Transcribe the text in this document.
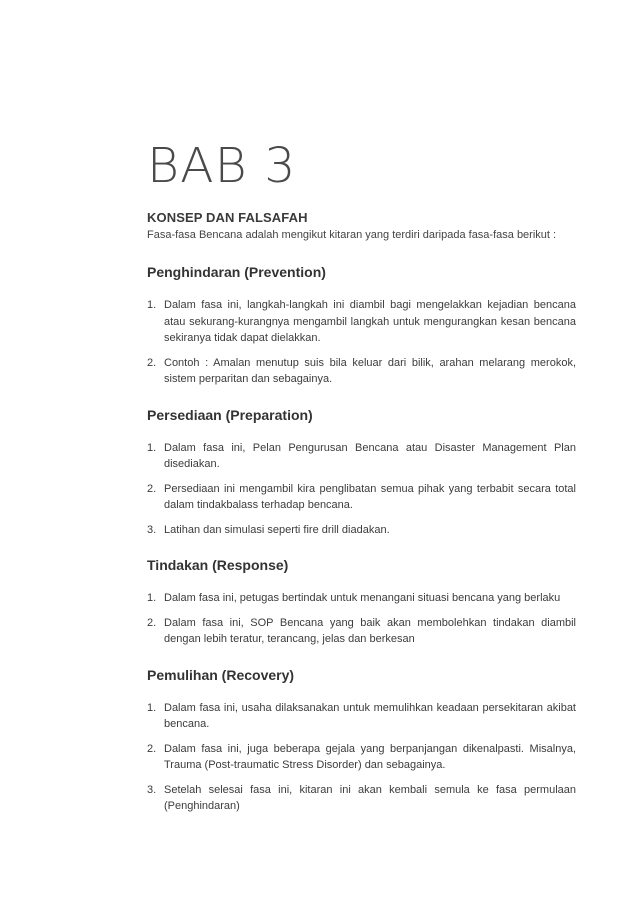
BAB 3
KONSEP DAN FALSAFAH

Fasa-fasa Bencana adalah mengikut kitaran yang terdiri daripada fasa-fasa berikut :

Penghindaran (Prevention)
1. Dalam fasa ini, langkah-langkah ini diambil bagi mengelakkan kejadian bencana atau sekurang-kurangnya mengambil langkah untuk mengurangkan kesan bencana sekiranya tidak dapat dielakkan.
2. Contoh : Amalan menutup suis bila keluar dari bilik, arahan melarang merokok, sistem perparitan dan sebagainya.
Persediaan (Preparation)
1. Dalam fasa ini, Pelan Pengurusan Bencana atau Disaster Management Plan disediakan.
2. Persediaan ini mengambil kira penglibatan semua pihak yang terbabit secara total dalam tindakbalass terhadap bencana.
3. Latihan dan simulasi seperti fire drill diadakan.
Tindakan (Response)
1. Dalam fasa ini, petugas bertindak untuk menangani situasi bencana yang berlaku
2. Dalam fasa ini, SOP Bencana yang baik akan membolehkan tindakan diambil dengan lebih teratur, terancang, jelas dan berkesan
Pemulihan (Recovery)
1. Dalam fasa ini, usaha dilaksanakan untuk memulihkan keadaan persekitaran akibat bencana.
2. Dalam fasa ini, juga beberapa gejala yang berpanjangan dikenalpasti. Misalnya, Trauma (Post-traumatic Stress Disorder) dan sebagainya.
3. Setelah selesai fasa ini, kitaran ini akan kembali semula ke fasa permulaan (Penghindaran)
